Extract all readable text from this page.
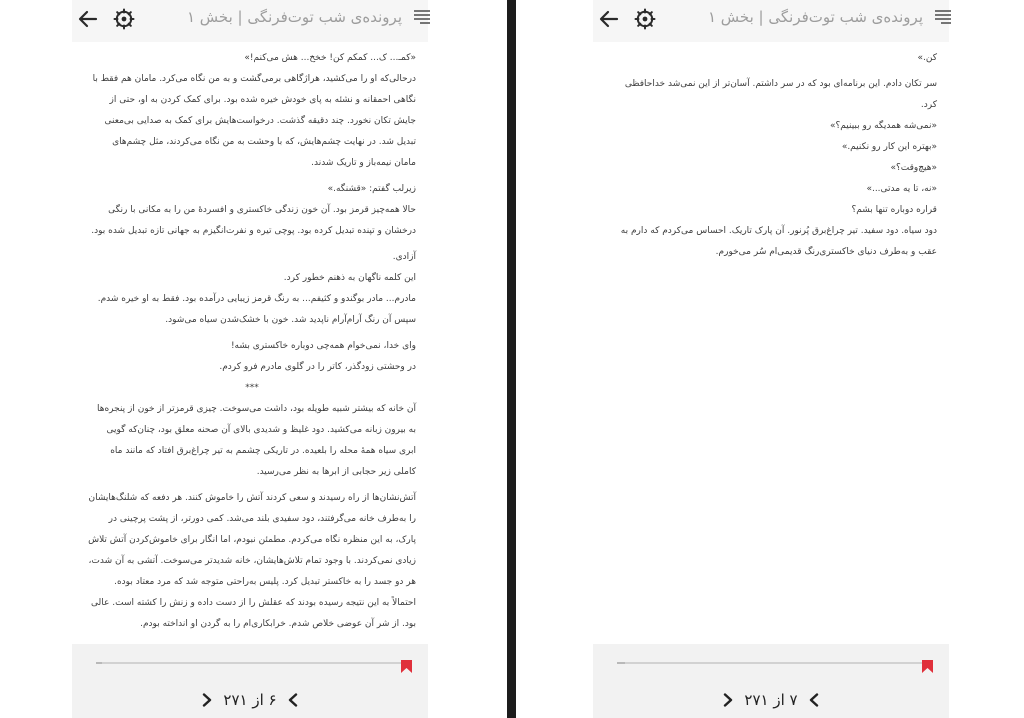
پرونده‌ی شب توت‌فرنگی | بخش ۱

«کمـ... ک... کمکم کن! خخخ... هش می‌کنم!»

درحالی‌که او را می‌کشید، هراژگاهی برمی‌گشت و به من نگاه می‌کرد. مامان هم فقط با نگاهی احمقانه و نشئه به پای خودش خیره شده بود. برای کمک کردن به او، حتی از جایش تکان نخورد. چند دقیقه گذشت. درخواست‌هایش برای کمک به صدایی بی‌معنی تبدیل شد. در نهایت چشم‌هایش، که با وحشت به من نگاه می‌کردند، مثل چشم‌های مامان نیمه‌باز و تاریک شدند.

زیرلب گفتم: «قشنگه.»

حالا همه‌چیز قرمز بود. آن خون زندگی خاکستری و افسرده‌ٔ من را به مکانی با رنگی درخشان و تپنده تبدیل کرده بود. پوچی تیره و نفرت‌انگیزم به جهانی تازه تبدیل شده بود.

آزادی.

این کلمه ناگهان به ذهنم خطور کرد.

مادرم... مادر بوگندو و کثیفم... به رنگ قرمز زیبایی درآمده بود. فقط به او خیره شدم. سپس آن رنگ آرام‌آرام ناپدید شد. خون با خشک‌شدن سیاه می‌شود.

وای خدا، نمی‌خوام همه‌چی دوباره خاکستری بشه!

در وحشتی زودگذر، کاتر را در گلوی مادرم فرو کردم.

***

آن خانه که بیشتر شبیه طویله بود، داشت می‌سوخت. چیزی قرمزتر از خون از پنجره‌ها به بیرون زبانه می‌کشید. دود غلیظ و شدیدی بالای آن صحنه معلق بود، چنان‌که گویی ابری سیاه همهٔ محله را بلعیده. در تاریکی چشمم به تیر چراغ‌برق افتاد که مانند ماه کاملی زیر حجابی از ابرها به نظر می‌رسید.

آتش‌نشان‌ها از راه رسیدند و سعی کردند آتش را خاموش کنند. هر دفعه که شلنگ‌هایشان را به‌طرف خانه می‌گرفتند، دود سفیدی بلند می‌شد. کمی دورتر، از پشت پرچینی در پارک، به این منظره نگاه می‌کردم. مطمئن نبودم، اما انگار برای خاموش‌کردن آتش تلاش زیادی نمی‌کردند. با وجود تمام تلاش‌هایشان، خانه شدیدتر می‌سوخت. آتشی به آن شدت، هر دو جسد را به خاکستر تبدیل کرد. پلیس به‌راحتی متوجه شد که مرد معتاد بوده. احتمالاً به این نتیجه رسیده بودند که عقلش را از دست داده و زنش را کشته است. عالی بود. از شر آن عوضی خلاص شدم. خرابکاری‌ام را به گردن او انداخته بودم.

۶ از ۲۷۱
پرونده‌ی شب توت‌فرنگی | بخش ۱

کن.»

سر تکان دادم. این برنامه‌ای بود که در سر داشتم. آسان‌تر از این نمی‌شد خداحافظی کرد.

«نمی‌شه همدیگه رو ببینیم؟»

«بهتره این کار رو نکنیم.»

«هیچ‌وقت؟»

«نه، تا یه مدتی...»

قراره دوباره تنها بشم؟

دود سیاه. دود سفید. تیر چراغ‌برق پُرنور. آن پارک تاریک. احساس می‌کردم که دارم به عقب و به‌طرف دنیای خاکستری‌رنگ قدیمی‌ام سُر می‌خورم.

۷ از ۲۷۱
